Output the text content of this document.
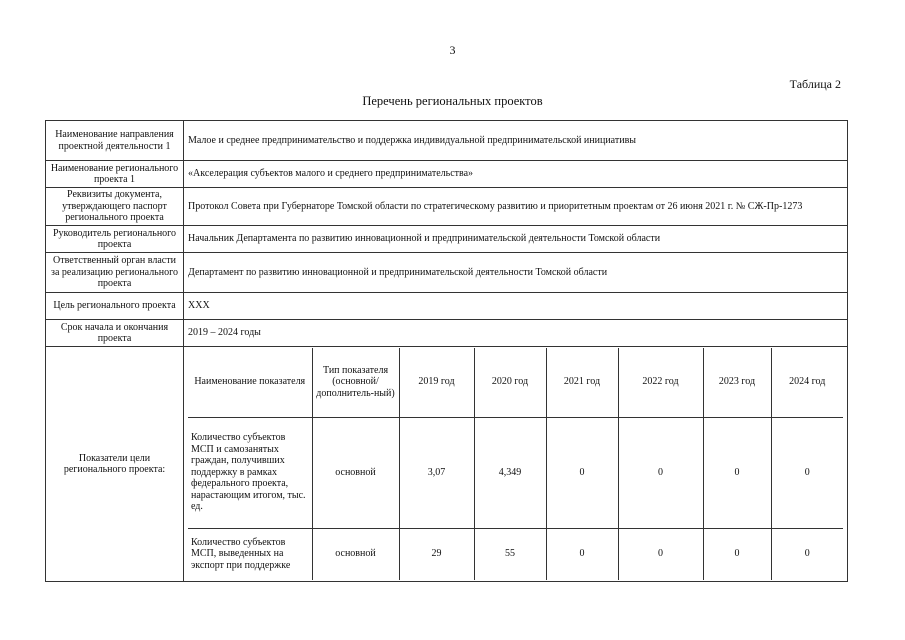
3
Таблица 2
Перечень региональных проектов
Наименование направления проектной деятельности 1	Малое и среднее предпринимательство и поддержка индивидуальной предпринимательской инициативы
Наименование регионального проекта 1	«Акселерация субъектов малого и среднего предпринимательства»
Реквизиты документа, утверждающего паспорт регионального проекта	Протокол Совета при Губернаторе Томской области по стратегическому развитию и приоритетным проектам от 26 июня 2021 г. № СЖ-Пр-1273
Руководитель регионального проекта	Начальник Департамента по развитию инновационной и предпринимательской деятельности Томской области
Ответственный орган власти за реализацию регионального проекта	Департамент по развитию инновационной и предпринимательской деятельности Томской области
Цель регионального проекта	ХХХ
Срок начала и окончания проекта	2019 – 2024 годы
Показатели цели регионального проекта:	
Наименование показателя	Тип показателя (основной/ дополнитель-ный)	2019 год	2020 год	2021 год	2022 год	2023 год	2024 год
Количество субъектов МСП и самозанятых граждан, получивших поддержку в рамках федерального проекта, нарастающим итогом, тыс. ед.	основной	3,07	4,349	0	0	0	0
Количество субъектов МСП, выведенных на экспорт при поддержке	основной	29	55	0	0	0	0
